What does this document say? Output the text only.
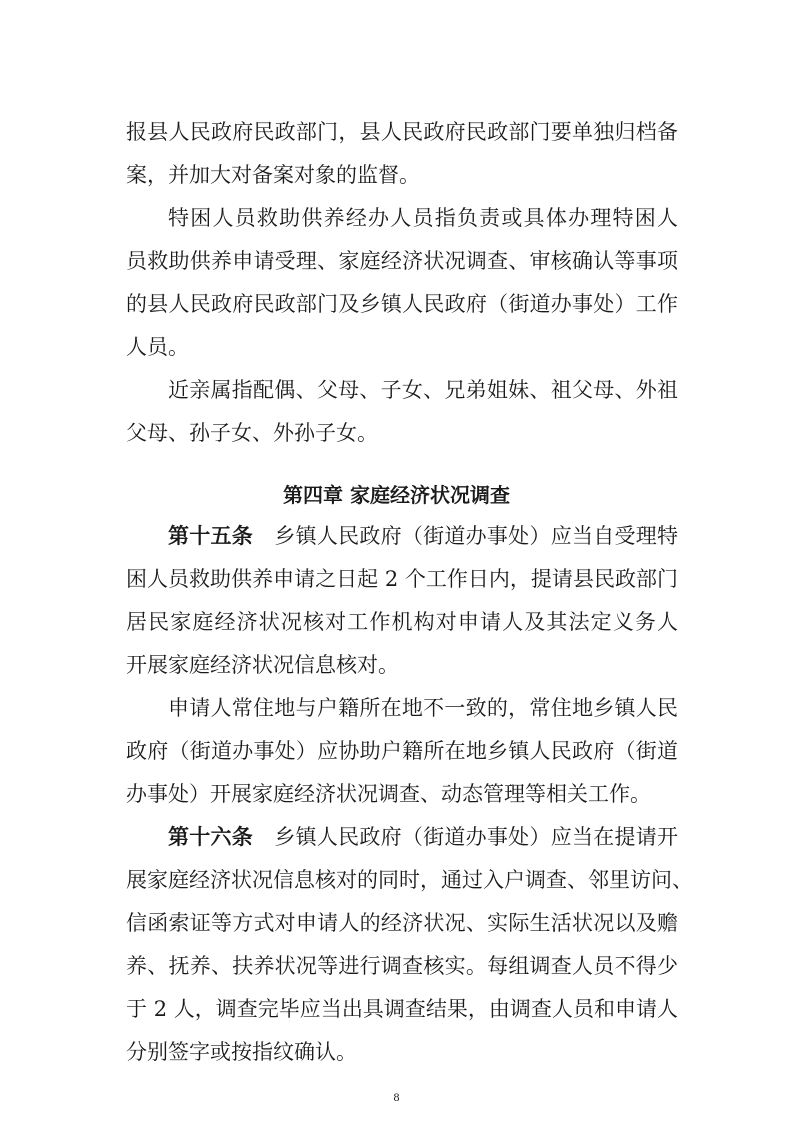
报县人民政府民政部门，县人民政府民政部门要单独归档备
案，并加大对备案对象的监督。
特困人员救助供养经办人员指负责或具体办理特困人
员救助供养申请受理、家庭经济状况调查、审核确认等事项
的县人民政府民政部门及乡镇人民政府（街道办事处）工作
人员。
近亲属指配偶、父母、子女、兄弟姐妹、祖父母、外祖
父母、孙子女、外孙子女。
第四章 家庭经济状况调查
第十五条　 乡镇人民政府（街道办事处）应当自受理特
困人员救助供养申请之日起 2 个工作日内，提请县民政部门
居民家庭经济状况核对工作机构对申请人及其法定义务人
开展家庭经济状况信息核对。
申请人常住地与户籍所在地不一致的，常住地乡镇人民
政府（街道办事处）应协助户籍所在地乡镇人民政府（街道
办事处）开展家庭经济状况调查、动态管理等相关工作。
第十六条　 乡镇人民政府（街道办事处）应当在提请开
展家庭经济状况信息核对的同时，通过入户调查、邻里访问、
信函索证等方式对申请人的经济状况、实际生活状况以及赡
养、抚养、扶养状况等进行调查核实。每组调查人员不得少
于 2 人，调查完毕应当出具调查结果，由调查人员和申请人
分别签字或按指纹确认。
8
